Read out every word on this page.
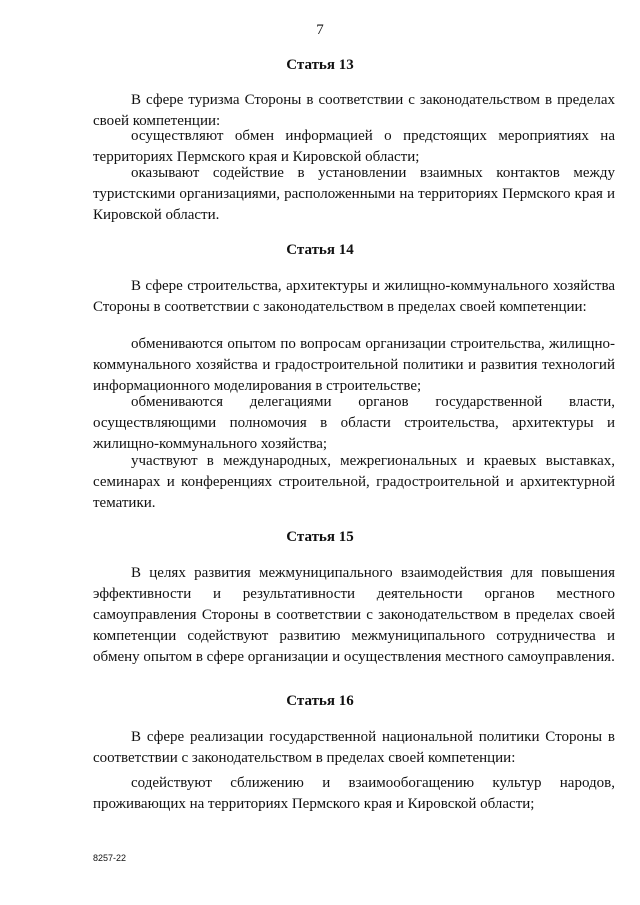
7
Статья 13
В сфере туризма Стороны в соответствии с законодательством в пределах своей компетенции:
осуществляют обмен информацией о предстоящих мероприятиях на территориях Пермского края и Кировской области;
оказывают содействие в установлении взаимных контактов между туристскими организациями, расположенными на территориях Пермского края и Кировской области.
Статья 14
В сфере строительства, архитектуры и жилищно-коммунального хозяйства Стороны в соответствии с законодательством в пределах своей компетенции:
обмениваются опытом по вопросам организации строительства, жилищно-коммунального хозяйства и градостроительной политики и развития технологий информационного моделирования в строительстве;
обмениваются делегациями органов государственной власти, осуществляющими полномочия в области строительства, архитектуры и жилищно-коммунального хозяйства;
участвуют в международных, межрегиональных и краевых выставках, семинарах и конференциях строительной, градостроительной и архитектурной тематики.
Статья 15
В целях развития межмуниципального взаимодействия для повышения эффективности и результативности деятельности органов местного самоуправления Стороны в соответствии с законодательством в пределах своей компетенции содействуют развитию межмуниципального сотрудничества и обмену опытом в сфере организации и осуществления местного самоуправления.
Статья 16
В сфере реализации государственной национальной политики Стороны в соответствии с законодательством в пределах своей компетенции:
содействуют сближению и взаимообогащению культур народов, проживающих на территориях Пермского края и Кировской области;
8257-22
